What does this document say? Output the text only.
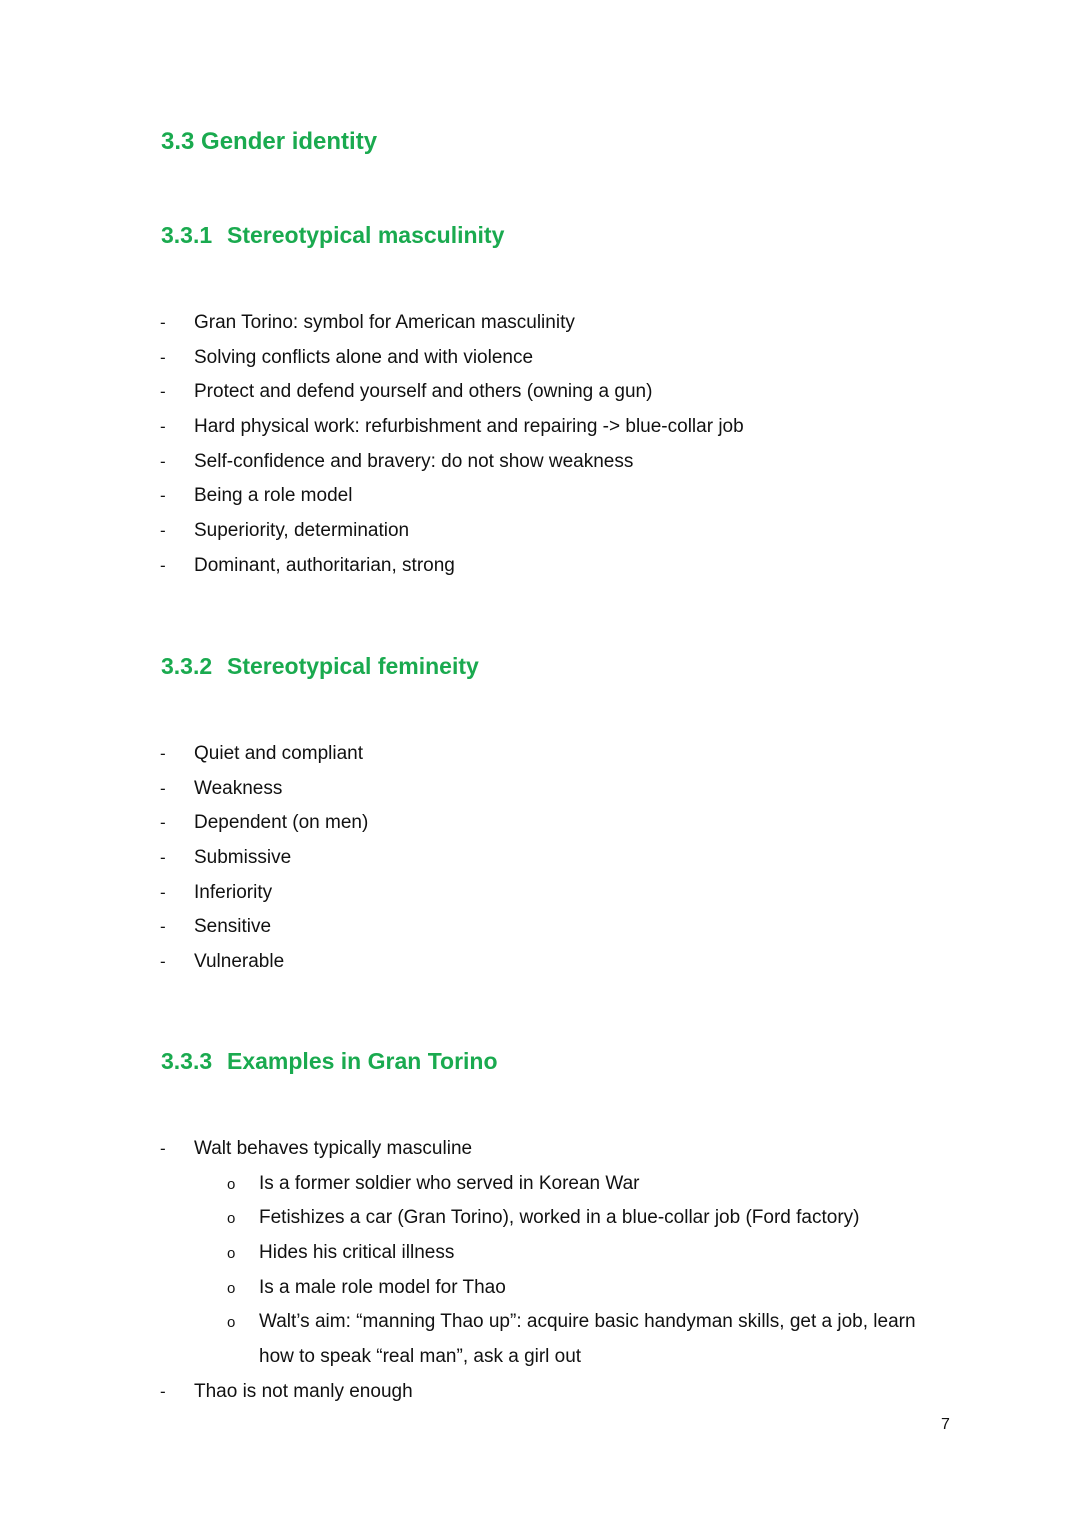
3.3 Gender identity
3.3.1 Stereotypical masculinity
- Gran Torino: symbol for American masculinity
- Solving conflicts alone and with violence
- Protect and defend yourself and others (owning a gun)
- Hard physical work: refurbishment and repairing -> blue-collar job
- Self-confidence and bravery: do not show weakness
- Being a role model
- Superiority, determination
- Dominant, authoritarian, strong
3.3.2 Stereotypical femineity
- Quiet and compliant
- Weakness
- Dependent (on men)
- Submissive
- Inferiority
- Sensitive
- Vulnerable
3.3.3 Examples in Gran Torino
- Walt behaves typically masculine
o Is a former soldier who served in Korean War
o Fetishizes a car (Gran Torino), worked in a blue-collar job (Ford factory)
o Hides his critical illness
o Is a male role model for Thao
o Walt’s aim: “manning Thao up”: acquire basic handyman skills, get a job, learn
how to speak “real man”, ask a girl out
- Thao is not manly enough
7
